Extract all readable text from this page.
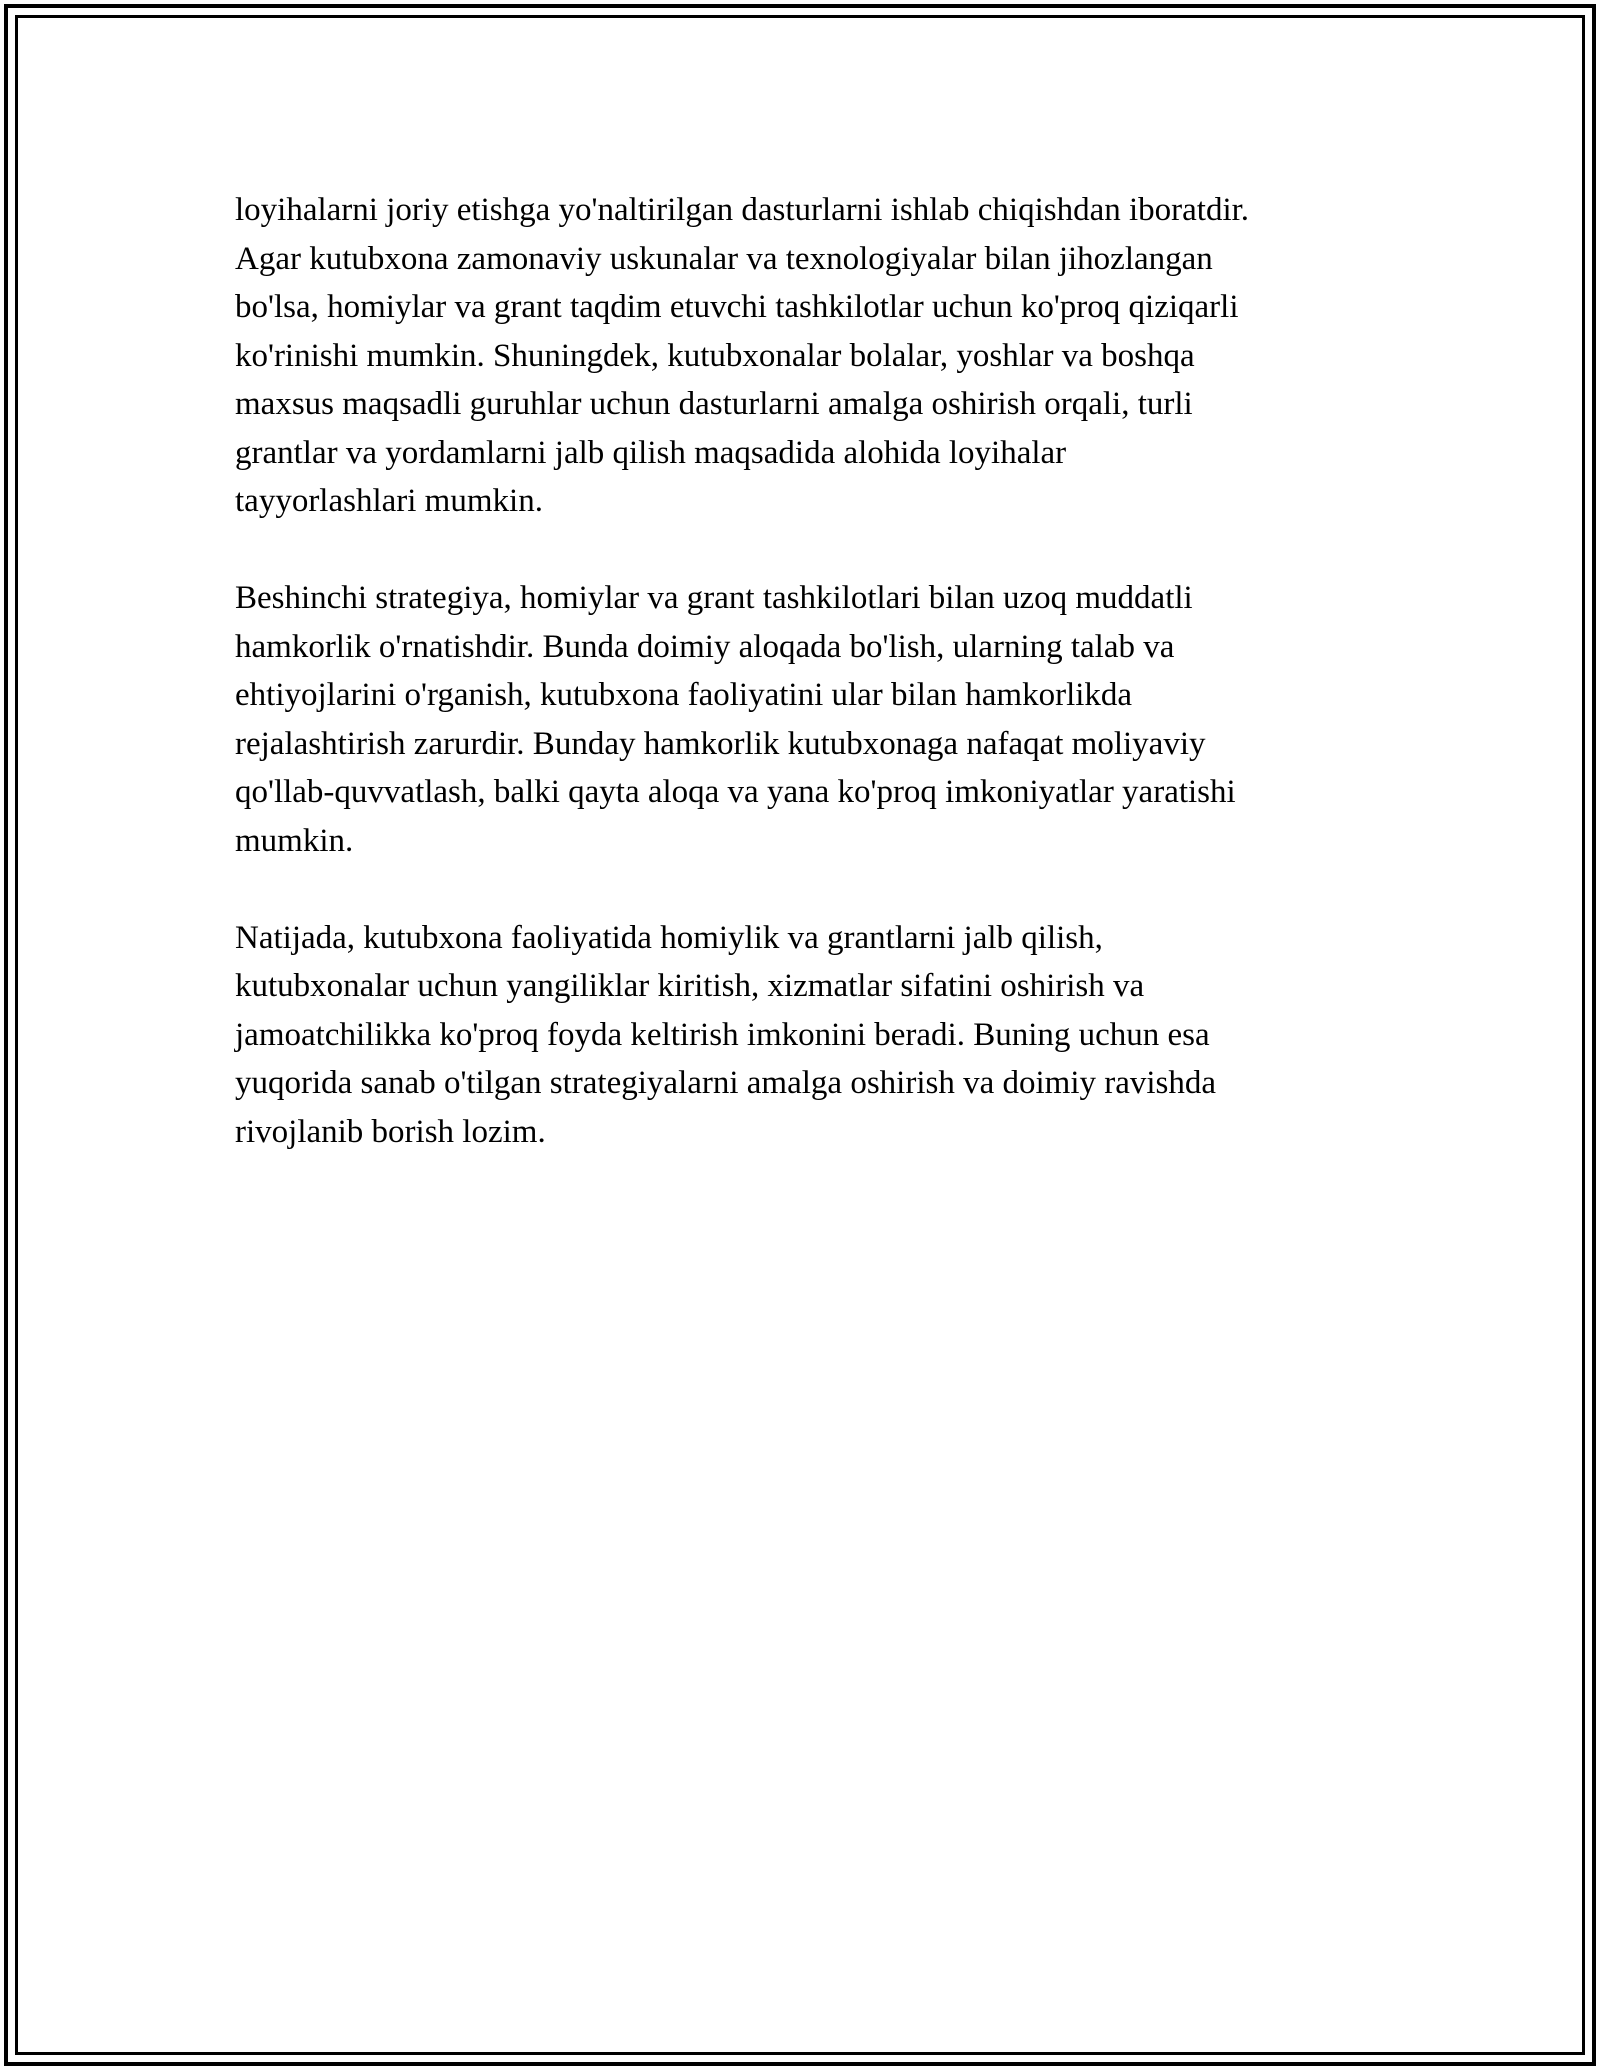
loyihalarni joriy etishga yo'naltirilgan dasturlarni ishlab chiqishdan iboratdir.
Agar kutubxona zamonaviy uskunalar va texnologiyalar bilan jihozlangan
bo'lsa, homiylar va grant taqdim etuvchi tashkilotlar uchun ko'proq qiziqarli
ko'rinishi mumkin. Shuningdek, kutubxonalar bolalar, yoshlar va boshqa
maxsus maqsadli guruhlar uchun dasturlarni amalga oshirish orqali, turli
grantlar va yordamlarni jalb qilish maqsadida alohida loyihalar
tayyorlashlari mumkin.

Beshinchi strategiya, homiylar va grant tashkilotlari bilan uzoq muddatli
hamkorlik o'rnatishdir. Bunda doimiy aloqada bo'lish, ularning talab va
ehtiyojlarini o'rganish, kutubxona faoliyatini ular bilan hamkorlikda
rejalashtirish zarurdir. Bunday hamkorlik kutubxonaga nafaqat moliyaviy
qo'llab-quvvatlash, balki qayta aloqa va yana ko'proq imkoniyatlar yaratishi
mumkin.

Natijada, kutubxona faoliyatida homiylik va grantlarni jalb qilish,
kutubxonalar uchun yangiliklar kiritish, xizmatlar sifatini oshirish va
jamoatchilikka ko'proq foyda keltirish imkonini beradi. Buning uchun esa
yuqorida sanab o'tilgan strategiyalarni amalga oshirish va doimiy ravishda
rivojlanib borish lozim.
